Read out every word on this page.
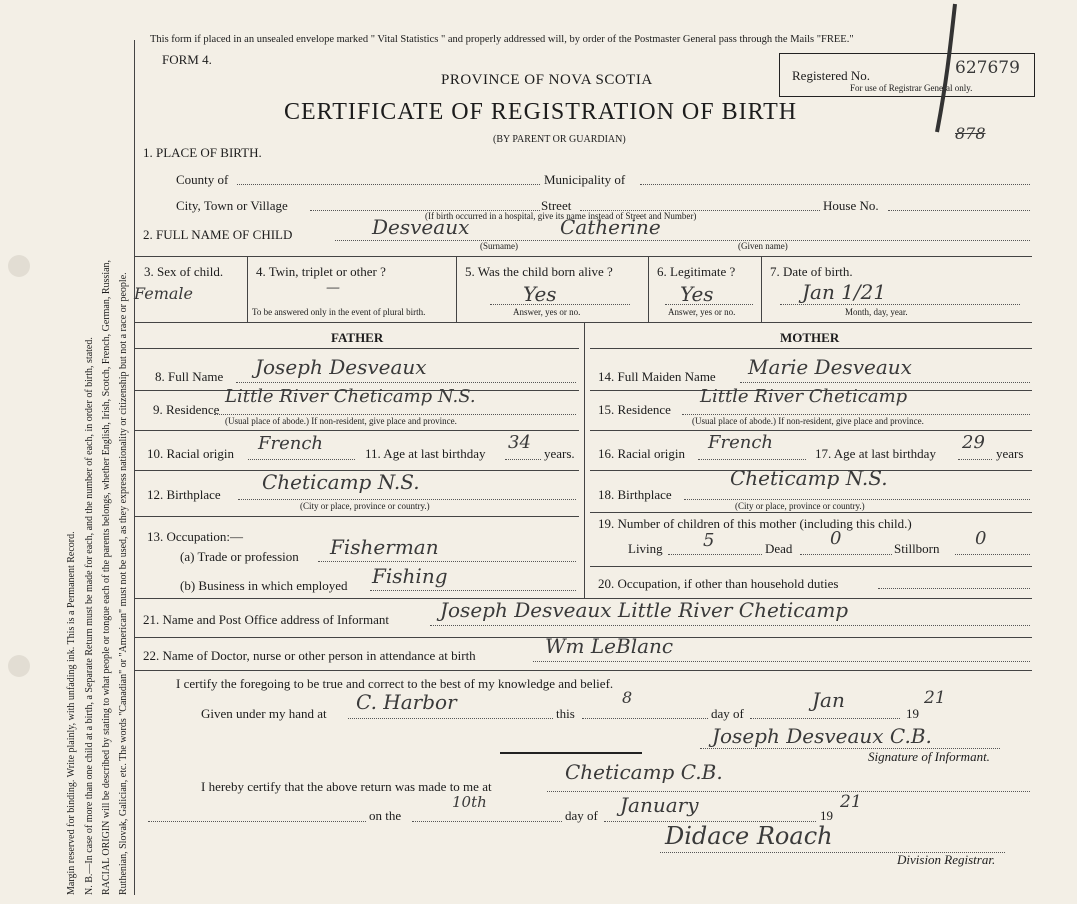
Margin reserved for binding. Write plainly, with unfading ink. This is a Permanent Record. N. B.—In case of more than one child at a birth, a Separate Return must be made for each, and the number of each, in order of birth, stated. RACIAL ORIGIN will be described by stating to what people or tongue each of the parents belongs, whether English, Irish, Scotch, French, German, Russian, Ruthenian, Slovak, Galician, etc. The words "Canadian" or "American" must not be used, as they express nationality or citizenship but not a race or people.
This form if placed in an unsealed envelope marked " Vital Statistics " and properly addressed will, by order of the Postmaster General pass through the Mails "FREE."
FORM 4.
PROVINCE OF NOVA SCOTIA
CERTIFICATE OF REGISTRATION OF BIRTH
(BY PARENT OR GUARDIAN)
Registered No.
For use of Registrar General only.
627679
878
1. PLACE OF BIRTH.
County of	Municipality of
City, Town or Village	Street	House No.
(If birth occurred in a hospital, give its name instead of Street and Number)
2. FULL NAME OF CHILD	Desveaux	Catherine
(Surname)	(Given name)
3. Sex of child.
Female
4. Twin, triplet or other ?
—
To be answered only in the event of plural birth.
5. Was the child born alive ?
Yes
Answer, yes or no.
6. Legitimate ?
Yes
Answer, yes or no.
7. Date of birth.
Jan 1/21
Month, day, year.
FATHER	MOTHER
8. Full Name Joseph Desveaux
9. Residence
Little River Cheticamp N.S.
(Usual place of abode.) If non-resident, give place and province.
10. Racial origin French	11. Age at last birthday
34
years.
12. Birthplace
Cheticamp N.S.
(City or place, province or country.)
13. Occupation:—
(a) Trade or profession Fisherman
(b) Business in which employed Fishing
14. Full Maiden Name Marie Desveaux
15. Residence
Little River Cheticamp
(Usual place of abode.) If non-resident, give place and province.
16. Racial origin
French
17. Age at last birthday
29
years
18. Birthplace
Cheticamp N.S.
(City or place, province or country.)
19. Number of children of this mother (including this child.)
Living 5	Dead 0	Stillborn 0
20. Occupation, if other than household duties
21. Name and Post Office address of Informant	Joseph Desveaux Little River Cheticamp
22. Name of Doctor, nurse or other person in attendance at birth	Wm LeBlanc
I certify the foregoing to be true and correct to the best of my knowledge and belief.
Given under my hand at C. Harbor	this
8
day of
Jan
19
21
Joseph Desveaux C.B.
Signature of Informant.
I hereby certify that the above return was made to me at
Cheticamp C.B.
on the
10th
day of January	19
21
Didace Roach
Division Registrar.
